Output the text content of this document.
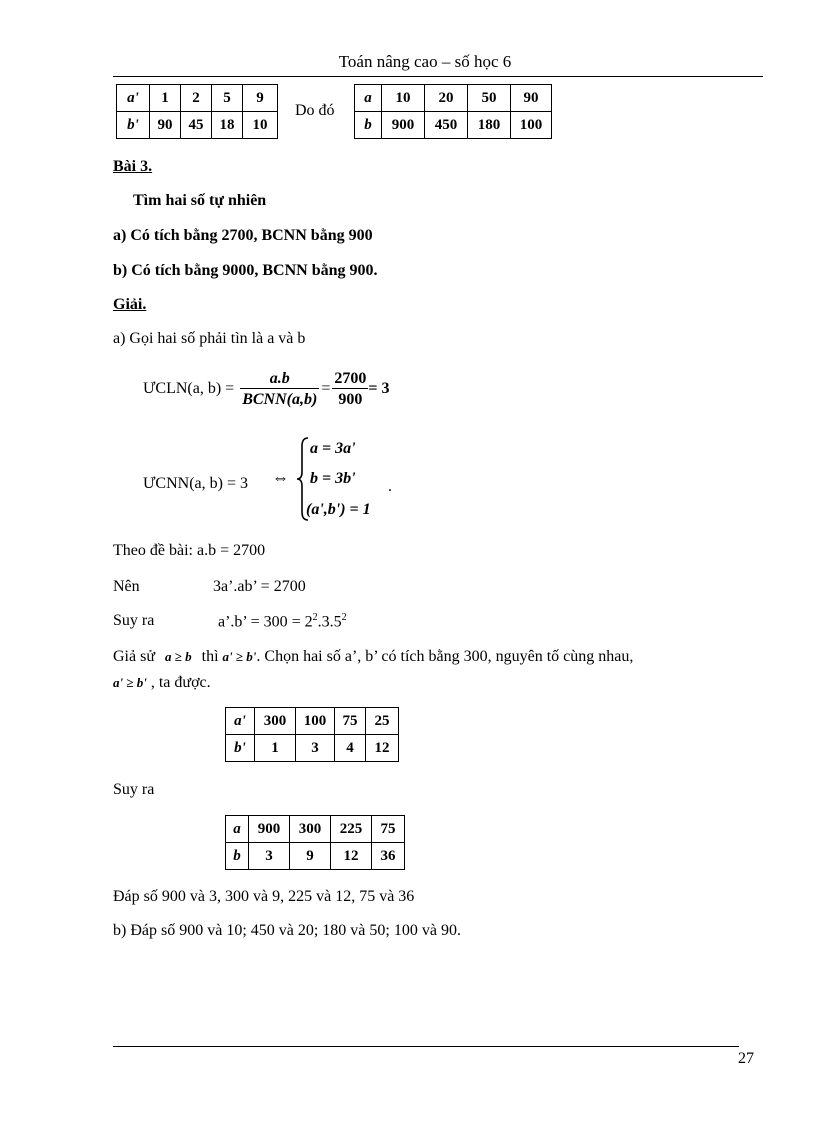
Toán nâng cao – số học 6
a'	1	2	5	9
b'	90	45	18	10
Do đó
a	10	20	50	90
b	900	450	180	100
Bài 3.
Tìm hai số tự nhiên
a) Có tích bằng 2700, BCNN bằng 900
b) Có tích bằng 9000, BCNN bằng 900.
Giải.
a) Gọi hai số phải tìn là a và b
ƯCLN(a, $b) = \frac{a.b}{\text{BCNN(a,b)}} = \frac{2700}{900} = 3$
ƯCNN(a, b) = 3 ⇔
a = 3a'
b = 3b'
(a',b') = 1
.
Theo đề bài: a.b = 2700
Nên	3a’.ab’ = 2700
Suy ra	a’.b’ = $300 = 2^2.3.5^2$
Giả sử a ≥ b thì a' ≥ b'. Chọn hai số a’, b’ có tích bằng 300, nguyên tố cùng nhau,
a' ≥ b' , ta được.
a'	300	100	75	25
b'	1	3	4	12
Suy ra
a	900	300	225	75
b	3	9	12	36
Đáp số 900 và 3, 300 và 9, 225 và 12, 75 và 36
b) Đáp số 900 và 10; 450 và 20; 180 và 50; 100 và 90.
27
